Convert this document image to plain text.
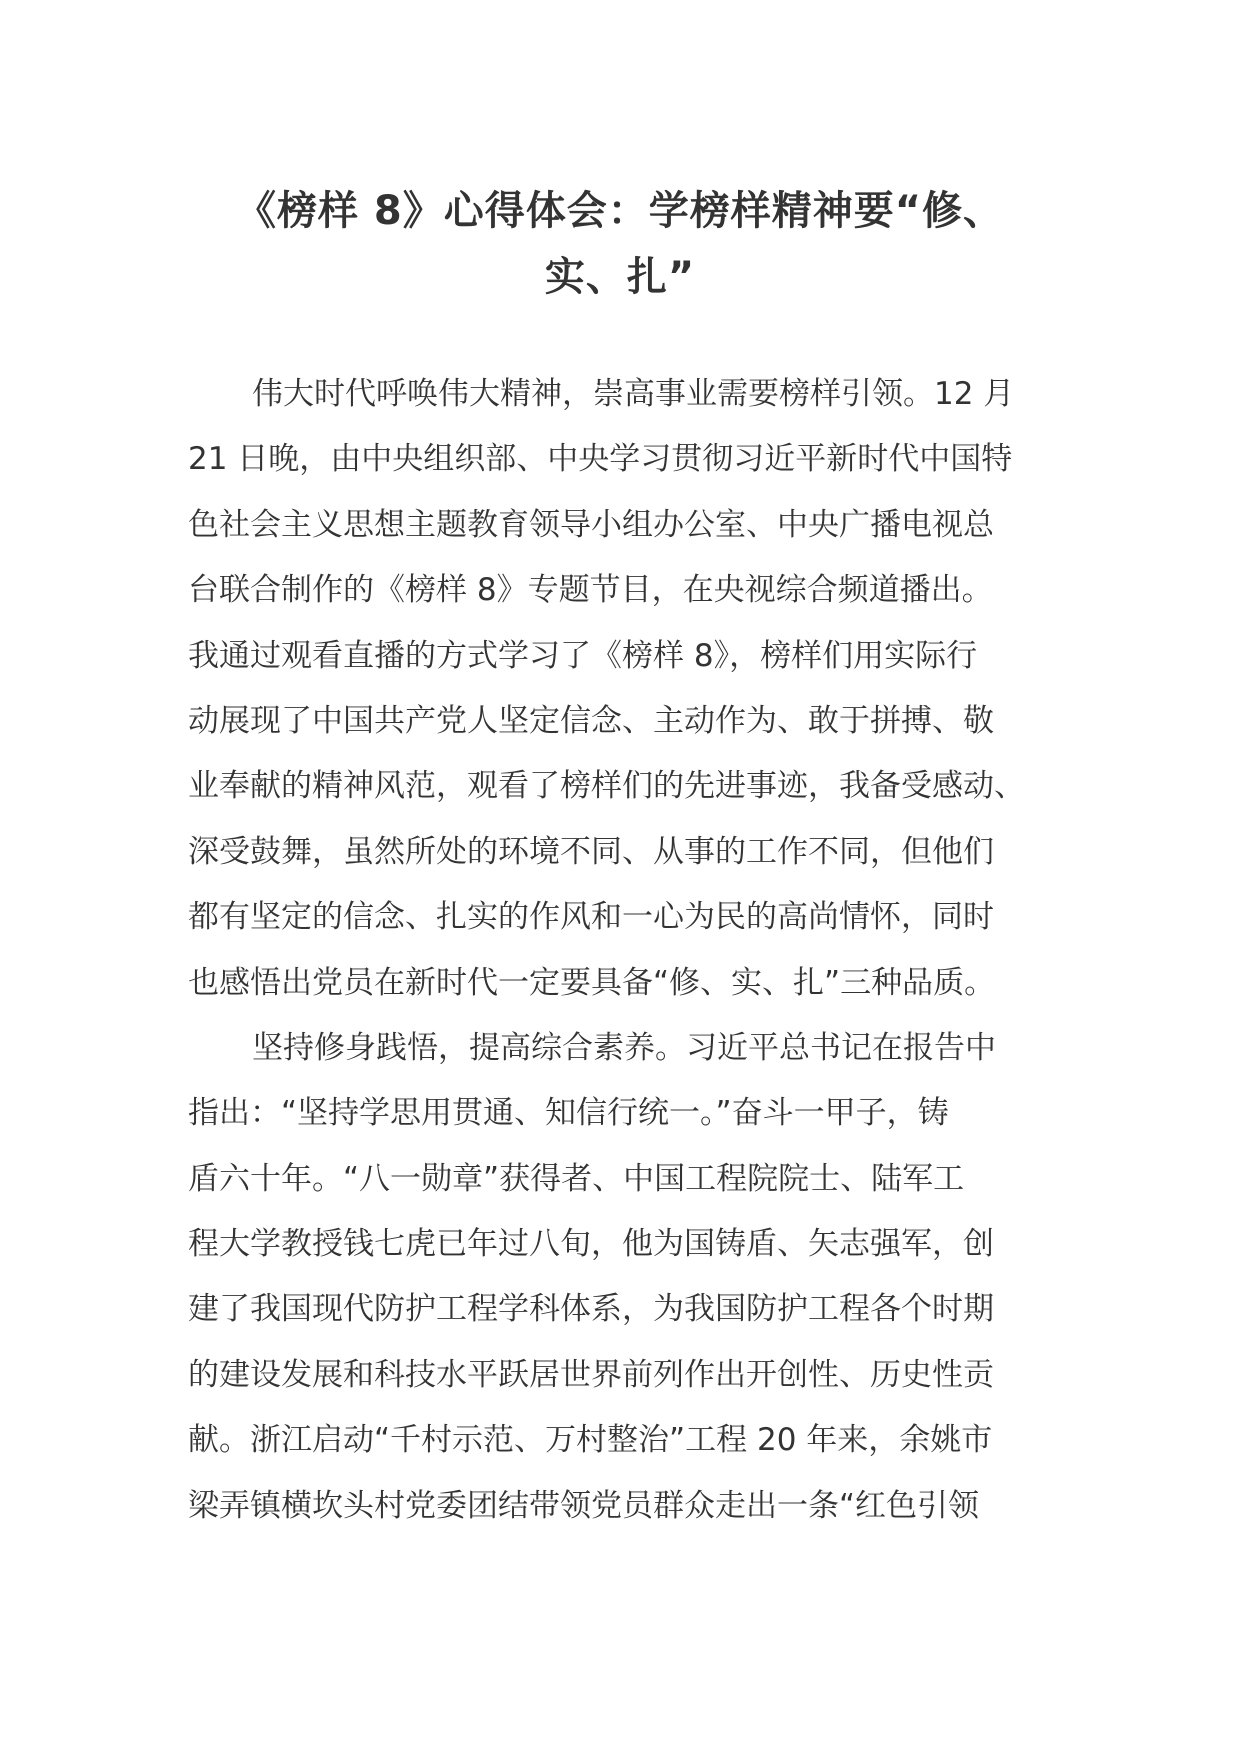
《榜样 8》心得体会：学榜样精神要“修、
实、扎”
伟大时代呼唤伟大精神，崇高事业需要榜样引领。12 月
21 日晚，由中央组织部、中央学习贯彻习近平新时代中国特
色社会主义思想主题教育领导小组办公室、中央广播电视总
台联合制作的《榜样 8》专题节目，在央视综合频道播出。
我通过观看直播的方式学习了《榜样 8》，榜样们用实际行
动展现了中国共产党人坚定信念、主动作为、敢于拼搏、敬
业奉献的精神风范，观看了榜样们的先进事迹，我备受感动、
深受鼓舞，虽然所处的环境不同、从事的工作不同，但他们
都有坚定的信念、扎实的作风和一心为民的高尚情怀，同时
也感悟出党员在新时代一定要具备“修、实、扎”三种品质。
坚持修身践悟，提高综合素养。习近平总书记在报告中
指出：“坚持学思用贯通、知信行统一。”奋斗一甲子，铸
盾六十年。“八一勋章”获得者、中国工程院院士、陆军工
程大学教授钱七虎已年过八旬，他为国铸盾、矢志强军，创
建了我国现代防护工程学科体系，为我国防护工程各个时期
的建设发展和科技水平跃居世界前列作出开创性、历史性贡
献。浙江启动“千村示范、万村整治”工程 20 年来，余姚市
梁弄镇横坎头村党委团结带领党员群众走出一条“红色引领
